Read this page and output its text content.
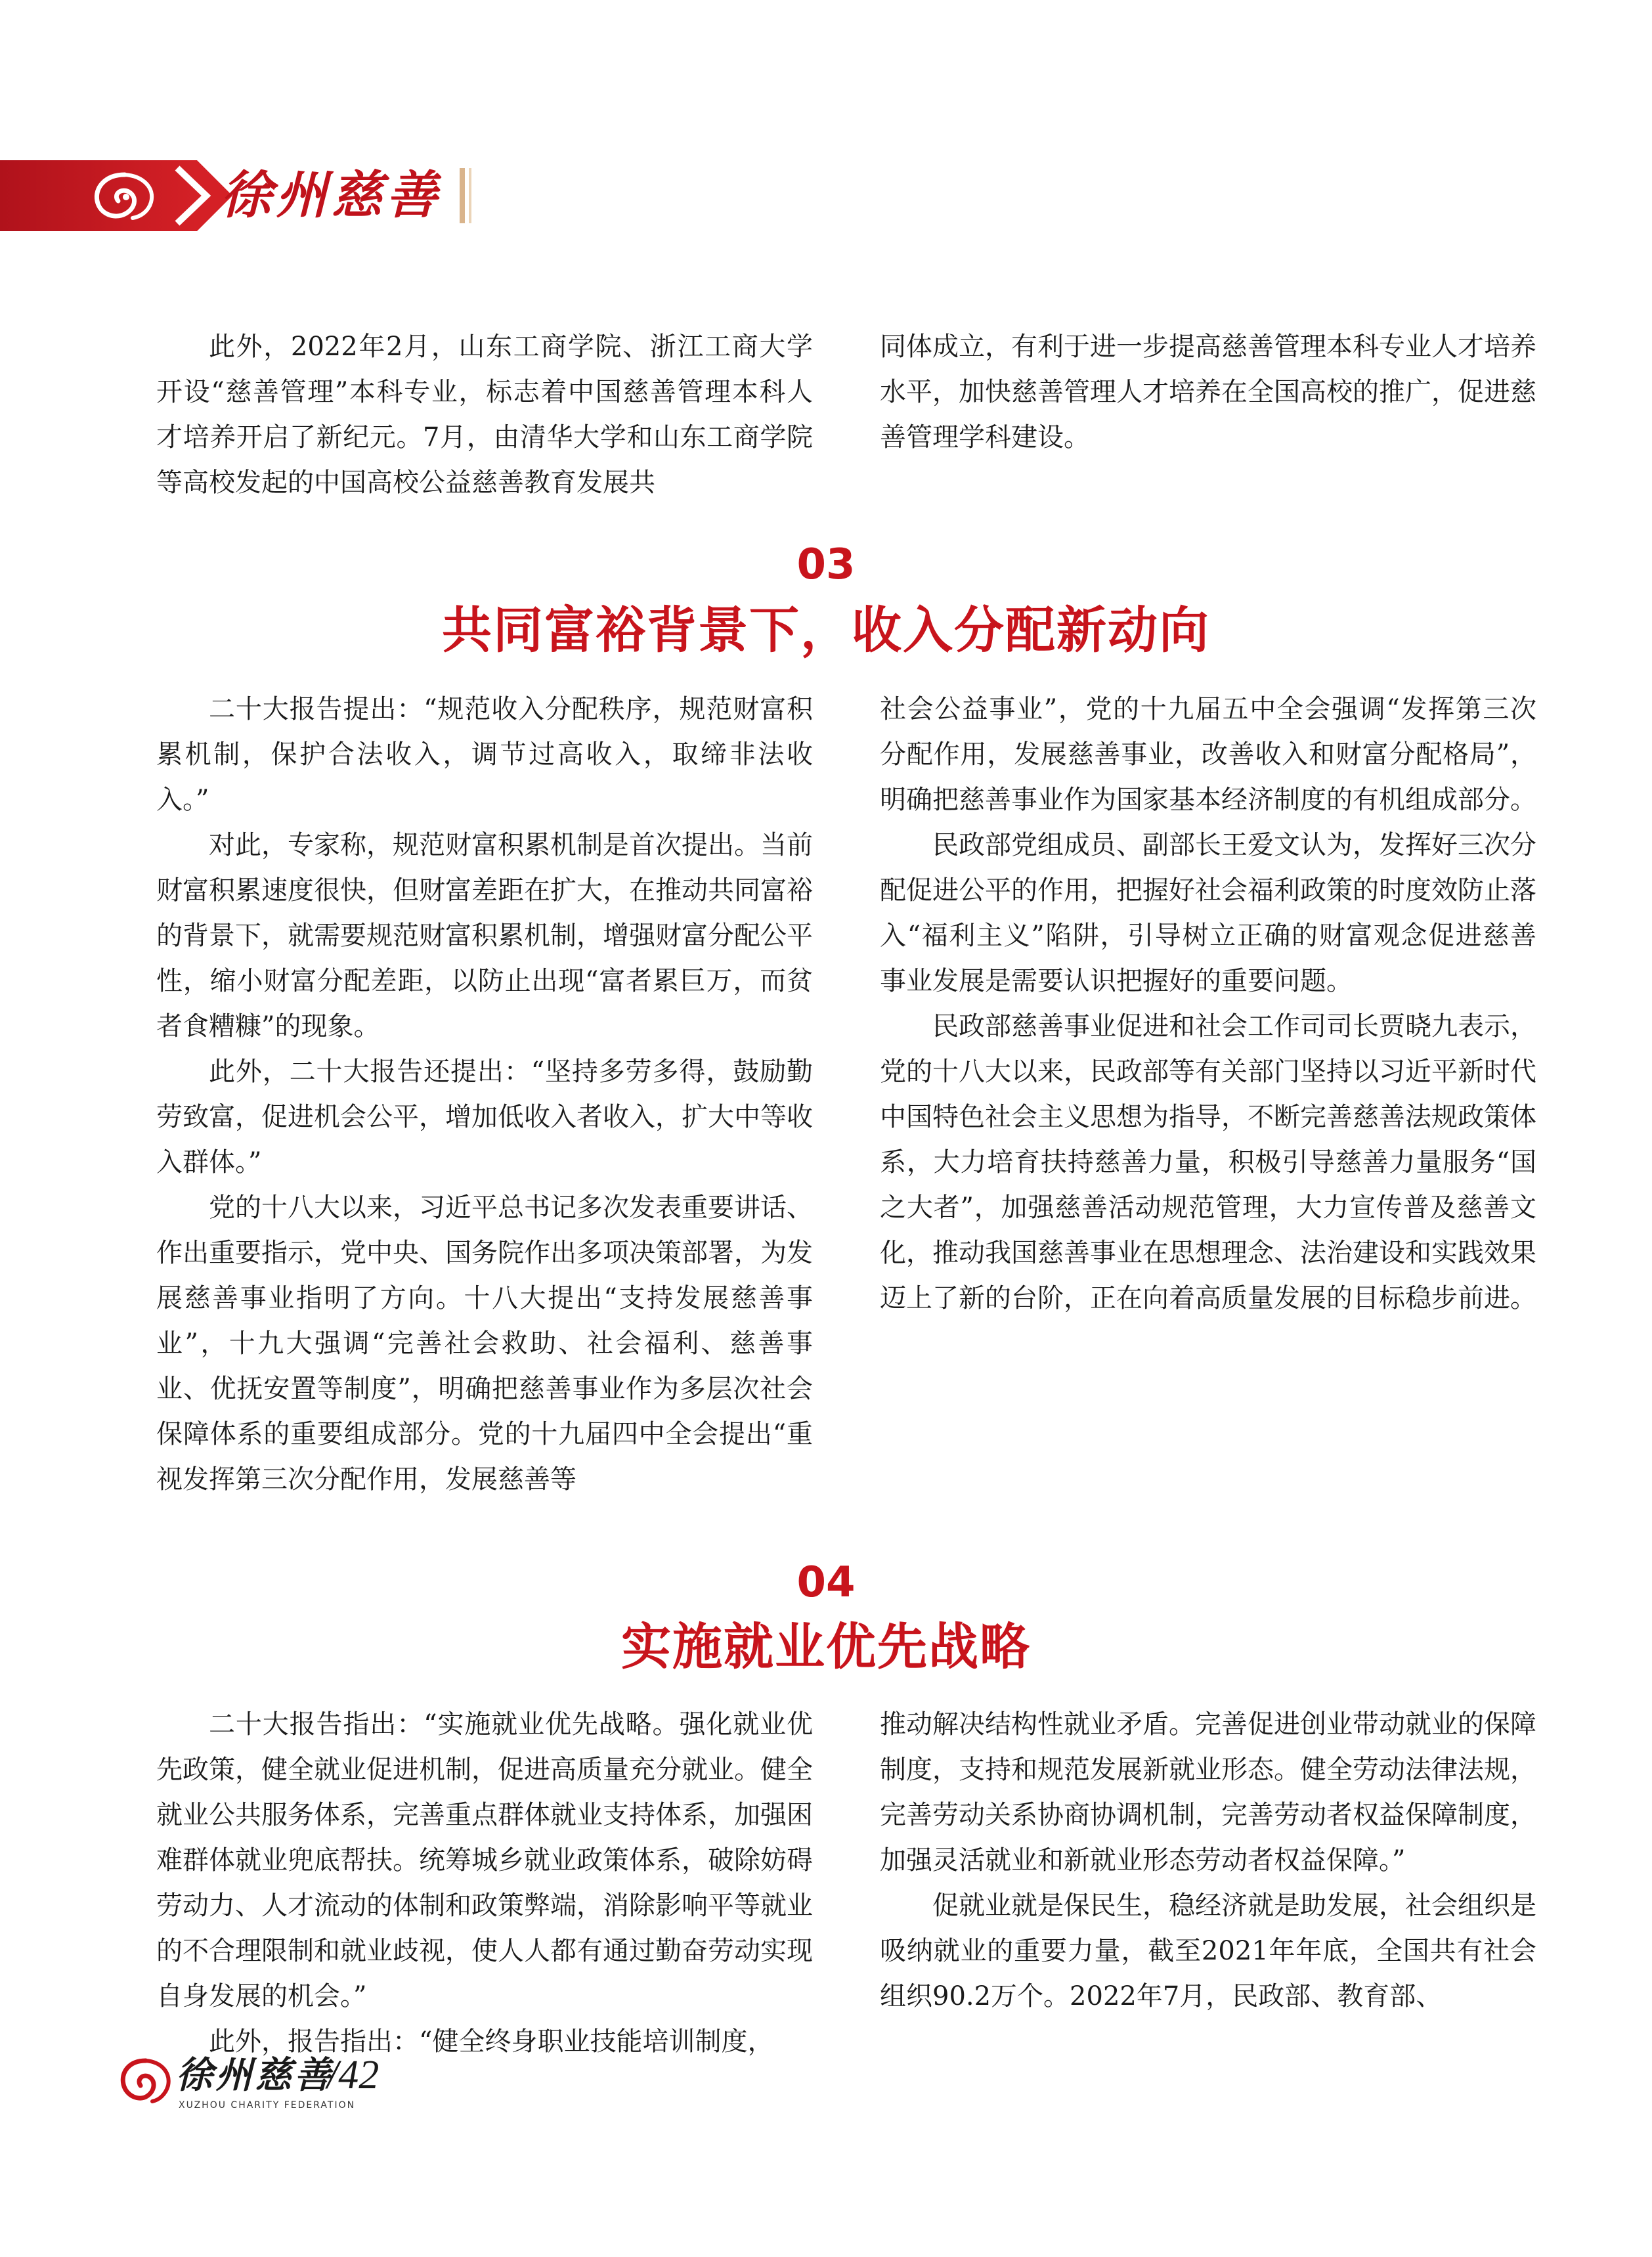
徐州慈善

此外，2022年2月，山东工商学院、浙江工商大学开设“慈善管理”本科专业，标志着中国慈善管理本科人才培养开启了新纪元。7月，由清华大学和山东工商学院等高校发起的中国高校公益慈善教育发展共

同体成立，有利于进一步提高慈善管理本科专业人才培养水平，加快慈善管理人才培养在全国高校的推广，促进慈善管理学科建设。

03
共同富裕背景下，收入分配新动向

二十大报告提出：“规范收入分配秩序，规范财富积累机制，保护合法收入，调节过高收入，取缔非法收入。”

对此，专家称，规范财富积累机制是首次提出。当前财富积累速度很快，但财富差距在扩大，在推动共同富裕的背景下，就需要规范财富积累机制，增强财富分配公平性，缩小财富分配差距，以防止出现“富者累巨万，而贫者食糟糠”的现象。

此外，二十大报告还提出：“坚持多劳多得，鼓励勤劳致富，促进机会公平，增加低收入者收入，扩大中等收入群体。”

党的十八大以来，习近平总书记多次发表重要讲话、作出重要指示，党中央、国务院作出多项决策部署，为发展慈善事业指明了方向。十八大提出“支持发展慈善事业”，十九大强调“完善社会救助、社会福利、慈善事业、优抚安置等制度”，明确把慈善事业作为多层次社会保障体系的重要组成部分。党的十九届四中全会提出“重视发挥第三次分配作用，发展慈善等

社会公益事业”，党的十九届五中全会强调“发挥第三次分配作用，发展慈善事业，改善收入和财富分配格局”，明确把慈善事业作为国家基本经济制度的有机组成部分。

民政部党组成员、副部长王爱文认为，发挥好三次分配促进公平的作用，把握好社会福利政策的时度效防止落入“福利主义”陷阱，引导树立正确的财富观念促进慈善事业发展是需要认识把握好的重要问题。

民政部慈善事业促进和社会工作司司长贾晓九表示，党的十八大以来，民政部等有关部门坚持以习近平新时代中国特色社会主义思想为指导，不断完善慈善法规政策体系，大力培育扶持慈善力量，积极引导慈善力量服务“国之大者”，加强慈善活动规范管理，大力宣传普及慈善文化，推动我国慈善事业在思想理念、法治建设和实践效果迈上了新的台阶，正在向着高质量发展的目标稳步前进。

04
实施就业优先战略

二十大报告指出：“实施就业优先战略。强化就业优先政策，健全就业促进机制，促进高质量充分就业。健全就业公共服务体系，完善重点群体就业支持体系，加强困难群体就业兜底帮扶。统筹城乡就业政策体系，破除妨碍劳动力、人才流动的体制和政策弊端，消除影响平等就业的不合理限制和就业歧视，使人人都有通过勤奋劳动实现自身发展的机会。”

此外，报告指出：“健全终身职业技能培训制度，

推动解决结构性就业矛盾。完善促进创业带动就业的保障制度，支持和规范发展新就业形态。健全劳动法律法规，完善劳动关系协商协调机制，完善劳动者权益保障制度，加强灵活就业和新就业形态劳动者权益保障。”

促就业就是保民生，稳经济就是助发展，社会组织是吸纳就业的重要力量，截至2021年年底，全国共有社会组织90.2万个。2022年7月，民政部、教育部、

徐州慈善
XUZHOU CHARITY FEDERATION
/42
